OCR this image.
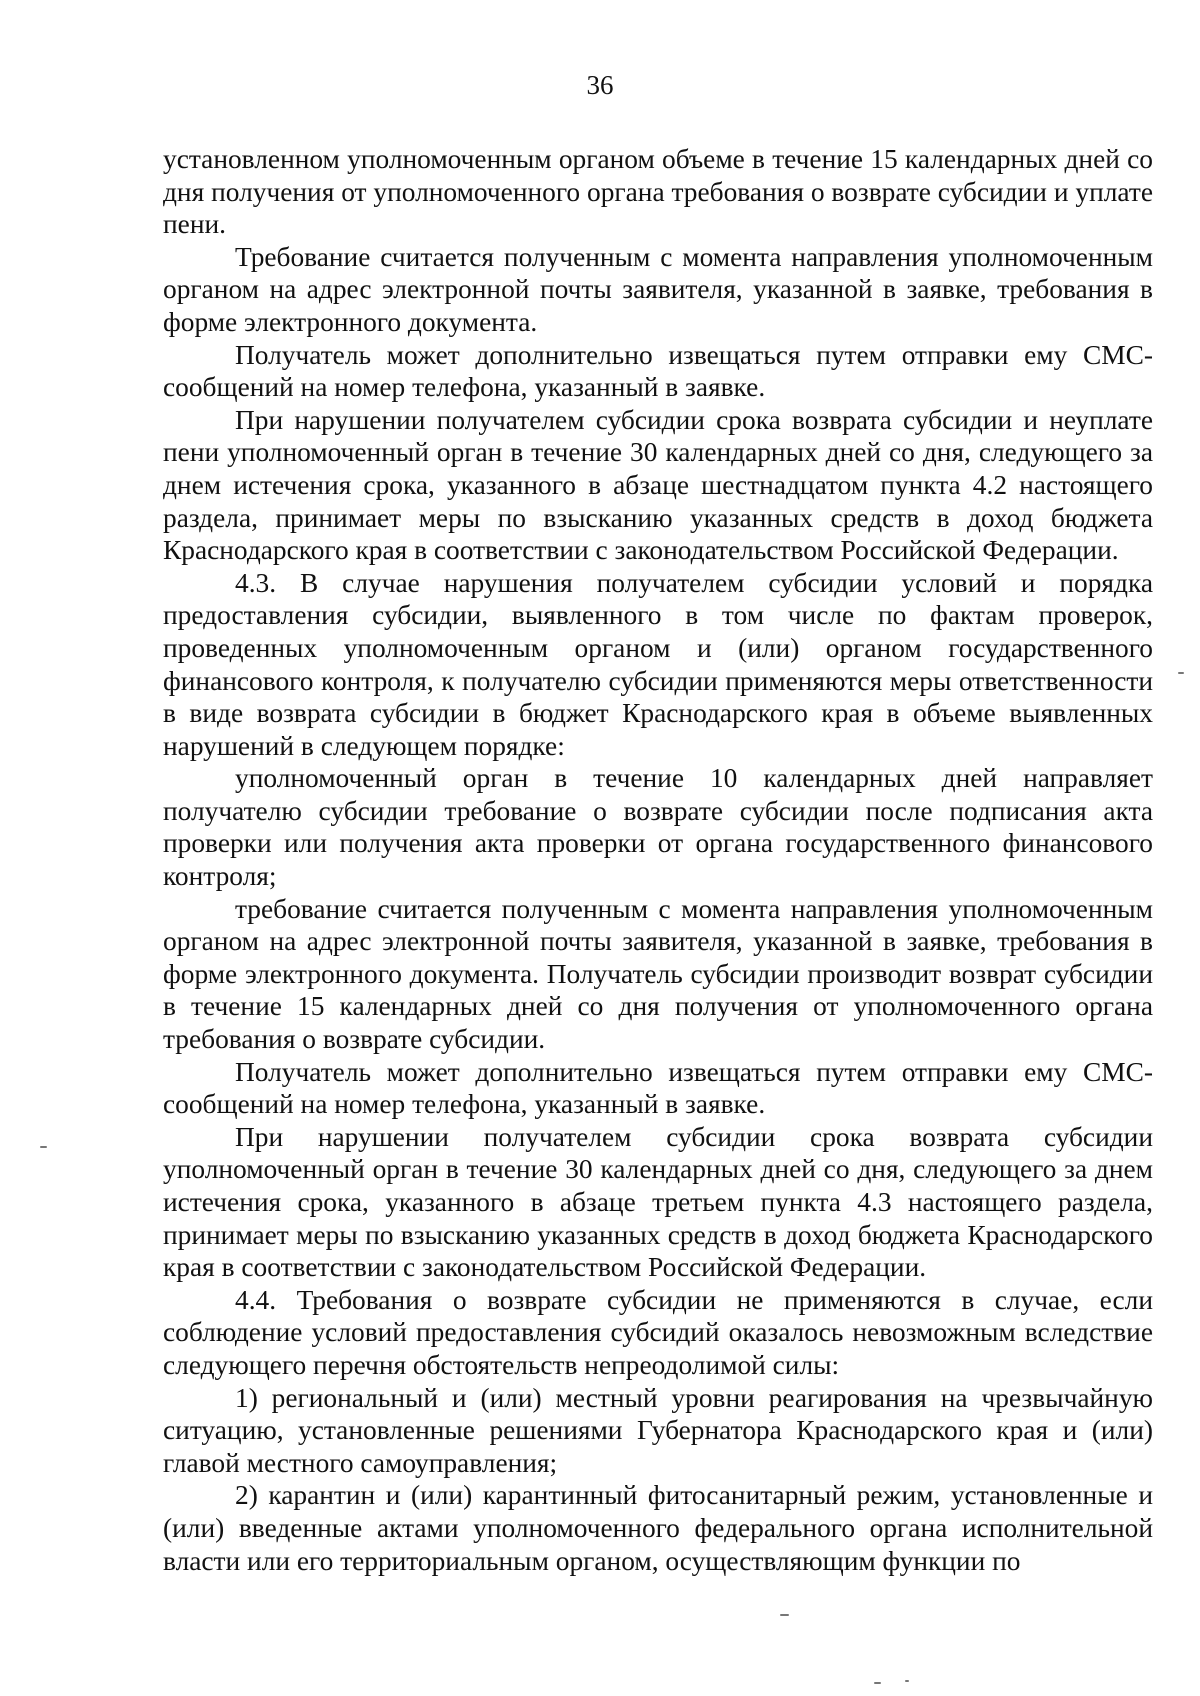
36

установленном уполномоченным органом объеме в течение 15 календарных дней со дня получения от уполномоченного органа требования о возврате субсидии и уплате пени.

Требование считается полученным с момента направления уполномоченным органом на адрес электронной почты заявителя, указанной в заявке, требования в форме электронного документа.

Получатель может дополнительно извещаться путем отправки ему СМС-сообщений на номер телефона, указанный в заявке.

При нарушении получателем субсидии срока возврата субсидии и неуплате пени уполномоченный орган в течение 30 календарных дней со дня, следующего за днем истечения срока, указанного в абзаце шестнадцатом пункта 4.2 настоящего раздела, принимает меры по взысканию указанных средств в доход бюджета Краснодарского края в соответствии с законодательством Российской Федерации.

4.3. В случае нарушения получателем субсидии условий и порядка предоставления субсидии, выявленного в том числе по фактам проверок, проведенных уполномоченным органом и (или) органом государственного финансового контроля, к получателю субсидии применяются меры ответственности в виде возврата субсидии в бюджет Краснодарского края в объеме выявленных нарушений в следующем порядке:

уполномоченный орган в течение 10 календарных дней направляет получателю субсидии требование о возврате субсидии после подписания акта проверки или получения акта проверки от органа государственного финансового контроля;

требование считается полученным с момента направления уполномоченным органом на адрес электронной почты заявителя, указанной в заявке, требования в форме электронного документа. Получатель субсидии производит возврат субсидии в течение 15 календарных дней со дня получения от уполномоченного органа требования о возврате субсидии.

Получатель может дополнительно извещаться путем отправки ему СМС-сообщений на номер телефона, указанный в заявке.

При нарушении получателем субсидии срока возврата субсидии уполномоченный орган в течение 30 календарных дней со дня, следующего за днем истечения срока, указанного в абзаце третьем пункта 4.3 настоящего раздела, принимает меры по взысканию указанных средств в доход бюджета Краснодарского края в соответствии с законодательством Российской Федерации.

4.4. Требования о возврате субсидии не применяются в случае, если соблюдение условий предоставления субсидий оказалось невозможным вследствие следующего перечня обстоятельств непреодолимой силы:

1) региональный и (или) местный уровни реагирования на чрезвычайную ситуацию, установленные решениями Губернатора Краснодарского края и (или) главой местного самоуправления;

2) карантин и (или) карантинный фитосанитарный режим, установленные и (или) введенные актами уполномоченного федерального органа исполнительной власти или его территориальным органом, осуществляющим функции по
